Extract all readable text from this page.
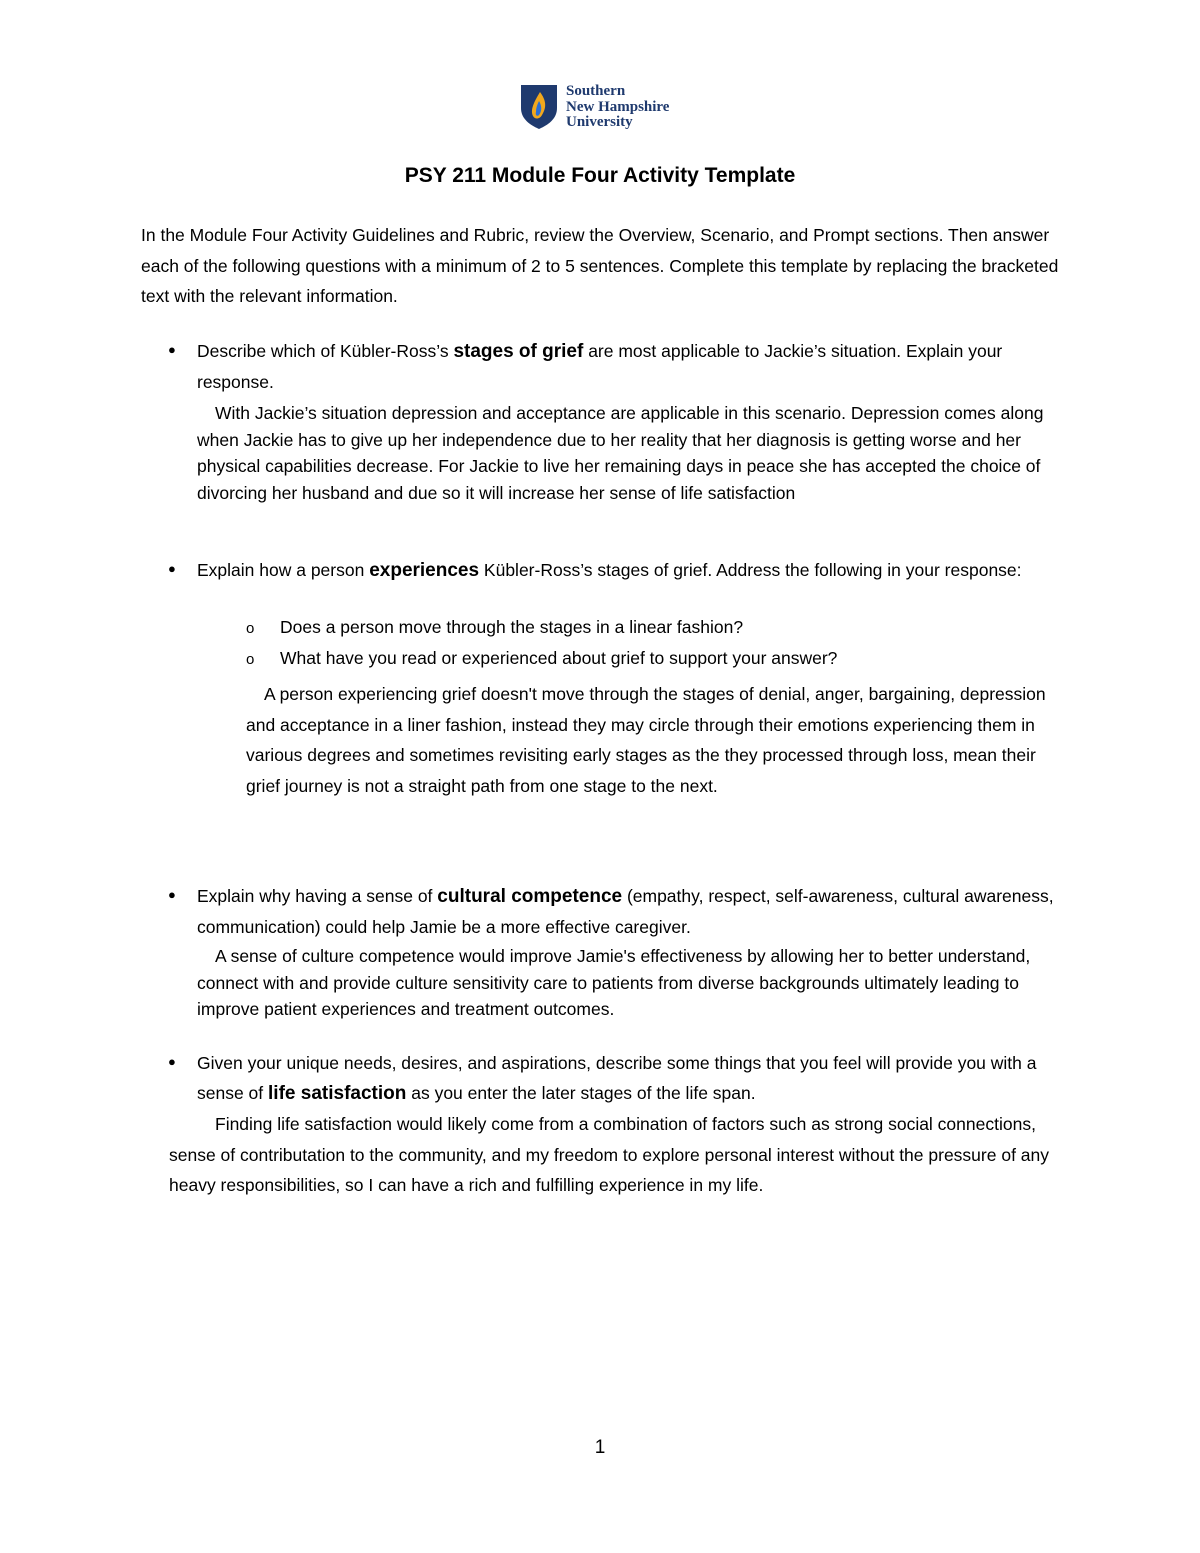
Southern
New Hampshire
University
PSY 211 Module Four Activity Template
In the Module Four Activity Guidelines and Rubric, review the Overview, Scenario, and Prompt sections. Then answer each of the following questions with a minimum of 2 to 5 sentences. Complete this template by replacing the bracketed text with the relevant information.
● Describe which of Kübler-Ross’s stages of grief are most applicable to Jackie’s situation. Explain your response.
With Jackie’s situation depression and acceptance are applicable in this scenario. Depression comes along when Jackie has to give up her independence due to her reality that her diagnosis is getting worse and her physical capabilities decrease. For Jackie to live her remaining days in peace she has accepted the choice of divorcing her husband and due so it will increase her sense of life satisfaction
● Explain how a person experiences Kübler-Ross’s stages of grief. Address the following in your response:
o Does a person move through the stages in a linear fashion?
o What have you read or experienced about grief to support your answer?
A person experiencing grief doesn't move through the stages of denial, anger, bargaining, depression and acceptance in a liner fashion, instead they may circle through their emotions experiencing them in various degrees and sometimes revisiting early stages as the they processed through loss, mean their grief journey is not a straight path from one stage to the next.
● Explain why having a sense of cultural competence (empathy, respect, self-awareness, cultural awareness, communication) could help Jamie be a more effective caregiver.
A sense of culture competence would improve Jamie's effectiveness by allowing her to better understand, connect with and provide culture sensitivity care to patients from diverse backgrounds ultimately leading to improve patient experiences and treatment outcomes.
● Given your unique needs, desires, and aspirations, describe some things that you feel will provide you with a sense of life satisfaction as you enter the later stages of the life span.
Finding life satisfaction would likely come from a combination of factors such as strong social connections, sense of contributation to the community, and my freedom to explore personal interest without the pressure of any heavy responsibilities, so I can have a rich and fulfilling experience in my life.
1
